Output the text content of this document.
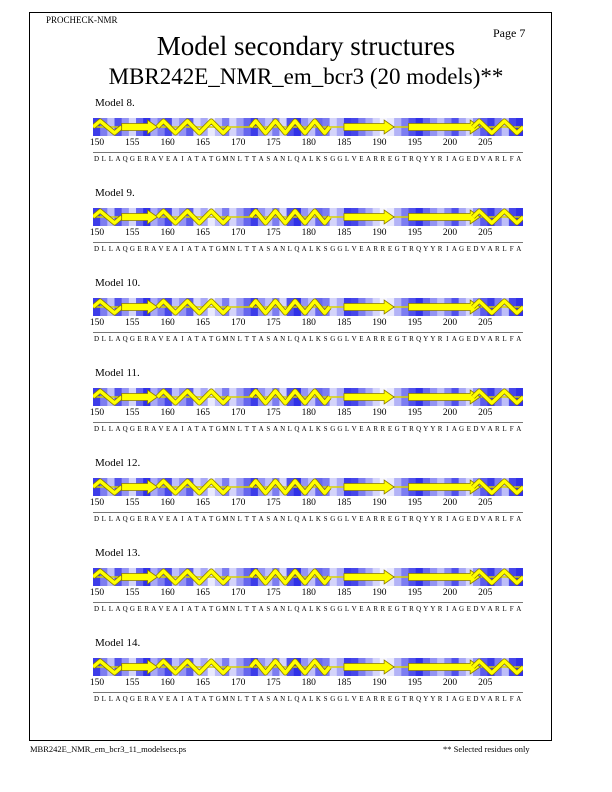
PROCHECK-NMR
Page 7
Model secondary structures
MBR242E_NMR_em_bcr3 (20 models)**
Model 8.
150 155 160 165 170 175 180 185 190 195 200 205
D L L A Q G E R A V E A I A T A T G M N L T T A S A N L Q A L K S G G L V E A R R E G T R Q Y Y R I A G E D V A R L F A
Model 9.
150 155 160 165 170 175 180 185 190 195 200 205
D L L A Q G E R A V E A I A T A T G M N L T T A S A N L Q A L K S G G L V E A R R E G T R Q Y Y R I A G E D V A R L F A
Model 10.
150 155 160 165 170 175 180 185 190 195 200 205
D L L A Q G E R A V E A I A T A T G M N L T T A S A N L Q A L K S G G L V E A R R E G T R Q Y Y R I A G E D V A R L F A
Model 11.
150 155 160 165 170 175 180 185 190 195 200 205
D L L A Q G E R A V E A I A T A T G M N L T T A S A N L Q A L K S G G L V E A R R E G T R Q Y Y R I A G E D V A R L F A
Model 12.
150 155 160 165 170 175 180 185 190 195 200 205
D L L A Q G E R A V E A I A T A T G M N L T T A S A N L Q A L K S G G L V E A R R E G T R Q Y Y R I A G E D V A R L F A
Model 13.
150 155 160 165 170 175 180 185 190 195 200 205
D L L A Q G E R A V E A I A T A T G M N L T T A S A N L Q A L K S G G L V E A R R E G T R Q Y Y R I A G E D V A R L F A
Model 14.
150 155 160 165 170 175 180 185 190 195 200 205
D L L A Q G E R A V E A I A T A T G M N L T T A S A N L Q A L K S G G L V E A R R E G T R Q Y Y R I A G E D V A R L F A
MBR242E_NMR_em_bcr3_11_modelsecs.ps	** Selected residues only
